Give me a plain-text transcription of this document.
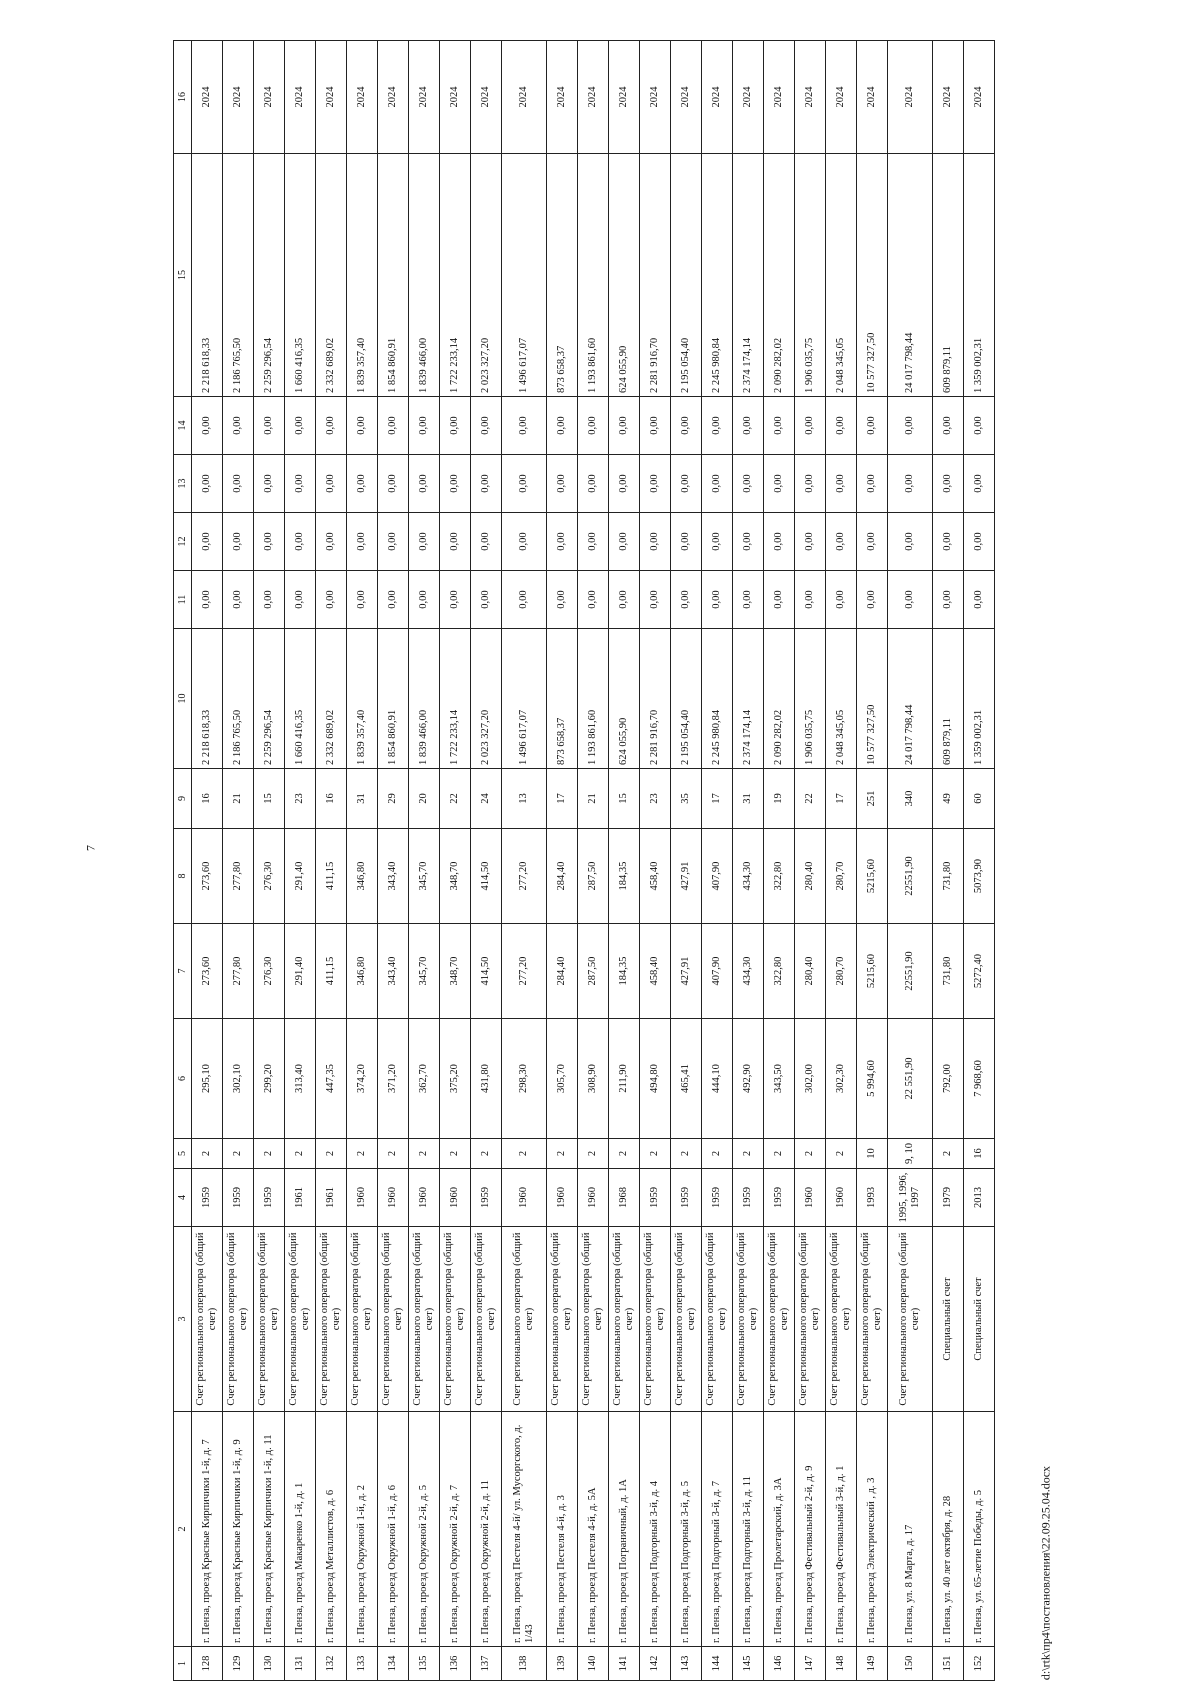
7
1	2	3	4	5	6	7	8	9	10	11	12	13	14	15	16
128	г. Пенза, проезд Красные Кирпичики 1-й, д. 7	Счет регионального оператора (общий счет)	1959	2	295,10	273,60	273,60	16	2 218 618,33	0,00	0,00	0,00	0,00	2 218 618,33	2024
129	г. Пенза, проезд Красные Кирпичики 1-й, д. 9	Счет регионального оператора (общий счет)	1959	2	302,10	277,80	277,80	21	2 186 765,50	0,00	0,00	0,00	0,00	2 186 765,50	2024
130	г. Пенза, проезд Красные Кирпичики 1-й, д. 11	Счет регионального оператора (общий счет)	1959	2	299,20	276,30	276,30	15	2 259 296,54	0,00	0,00	0,00	0,00	2 259 296,54	2024
131	г. Пенза, проезд Макаренко 1-й, д. 1	Счет регионального оператора (общий счет)	1961	2	313,40	291,40	291,40	23	1 660 416,35	0,00	0,00	0,00	0,00	1 660 416,35	2024
132	г. Пенза, проезд Металлистов, д. 6	Счет регионального оператора (общий счет)	1961	2	447,35	411,15	411,15	16	2 332 689,02	0,00	0,00	0,00	0,00	2 332 689,02	2024
133	г. Пенза, проезд Окружной 1-й, д. 2	Счет регионального оператора (общий счет)	1960	2	374,20	346,80	346,80	31	1 839 357,40	0,00	0,00	0,00	0,00	1 839 357,40	2024
134	г. Пенза, проезд Окружной 1-й, д. 6	Счет регионального оператора (общий счет)	1960	2	371,20	343,40	343,40	29	1 854 860,91	0,00	0,00	0,00	0,00	1 854 860,91	2024
135	г. Пенза, проезд Окружной 2-й, д. 5	Счет регионального оператора (общий счет)	1960	2	362,70	345,70	345,70	20	1 839 466,00	0,00	0,00	0,00	0,00	1 839 466,00	2024
136	г. Пенза, проезд Окружной 2-й, д. 7	Счет регионального оператора (общий счет)	1960	2	375,20	348,70	348,70	22	1 722 233,14	0,00	0,00	0,00	0,00	1 722 233,14	2024
137	г. Пенза, проезд Окружной 2-й, д. 11	Счет регионального оператора (общий счет)	1959	2	431,80	414,50	414,50	24	2 023 327,20	0,00	0,00	0,00	0,00	2 023 327,20	2024
138	г. Пенза, проезд Пестеля 4-й/ ул. Мусоргского, д. 1/43	Счет регионального оператора (общий счет)	1960	2	298,30	277,20	277,20	13	1 496 617,07	0,00	0,00	0,00	0,00	1 496 617,07	2024
139	г. Пенза, проезд Пестеля 4-й, д. 3	Счет регионального оператора (общий счет)	1960	2	305,70	284,40	284,40	17	873 658,37	0,00	0,00	0,00	0,00	873 658,37	2024
140	г. Пенза, проезд Пестеля 4-й, д. 5А	Счет регионального оператора (общий счет)	1960	2	308,90	287,50	287,50	21	1 193 861,60	0,00	0,00	0,00	0,00	1 193 861,60	2024
141	г. Пенза, проезд Пограничный, д. 1А	Счет регионального оператора (общий счет)	1968	2	211,90	184,35	184,35	15	624 055,90	0,00	0,00	0,00	0,00	624 055,90	2024
142	г. Пенза, проезд Подгорный 3-й, д. 4	Счет регионального оператора (общий счет)	1959	2	494,80	458,40	458,40	23	2 281 916,70	0,00	0,00	0,00	0,00	2 281 916,70	2024
143	г. Пенза, проезд Подгорный 3-й, д. 5	Счет регионального оператора (общий счет)	1959	2	465,41	427,91	427,91	35	2 195 054,40	0,00	0,00	0,00	0,00	2 195 054,40	2024
144	г. Пенза, проезд Подгорный 3-й, д. 7	Счет регионального оператора (общий счет)	1959	2	444,10	407,90	407,90	17	2 245 980,84	0,00	0,00	0,00	0,00	2 245 980,84	2024
145	г. Пенза, проезд Подгорный 3-й, д. 11	Счет регионального оператора (общий счет)	1959	2	492,90	434,30	434,30	31	2 374 174,14	0,00	0,00	0,00	0,00	2 374 174,14	2024
146	г. Пенза, проезд Пролетарский, д. 3А	Счет регионального оператора (общий счет)	1959	2	343,50	322,80	322,80	19	2 090 282,02	0,00	0,00	0,00	0,00	2 090 282,02	2024
147	г. Пенза, проезд Фестивальный 2-й, д. 9	Счет регионального оператора (общий счет)	1960	2	302,00	280,40	280,40	22	1 906 035,75	0,00	0,00	0,00	0,00	1 906 035,75	2024
148	г. Пенза, проезд Фестивальный 3-й, д. 1	Счет регионального оператора (общий счет)	1960	2	302,30	280,70	280,70	17	2 048 345,05	0,00	0,00	0,00	0,00	2 048 345,05	2024
149	г. Пенза, проезд Электрический , д. 3	Счет регионального оператора (общий счет)	1993	10	5 994,60	5215,60	5215,60	251	10 577 327,50	0,00	0,00	0,00	0,00	10 577 327,50	2024
150	г. Пенза, ул. 8 Марта, д. 17	Счет регионального оператора (общий счет)	1995, 1996, 1997	9, 10	22 551,90	22551,90	22551,90	340	24 017 798,44	0,00	0,00	0,00	0,00	24 017 798,44	2024
151	г. Пенза, ул. 40 лет октября, д. 28	Специальный счет	1979	2	792,00	731,80	731,80	49	609 879,11	0,00	0,00	0,00	0,00	609 879,11	2024
152	г. Пенза, ул. 65-летие Победы, д. 5	Специальный счет	2013	16	7 968,60	5272,40	5073,90	60	1 359 002,31	0,00	0,00	0,00	0,00	1 359 002,31	2024
d:\rtk\пр4\постановления\22.09.25.04.docx
